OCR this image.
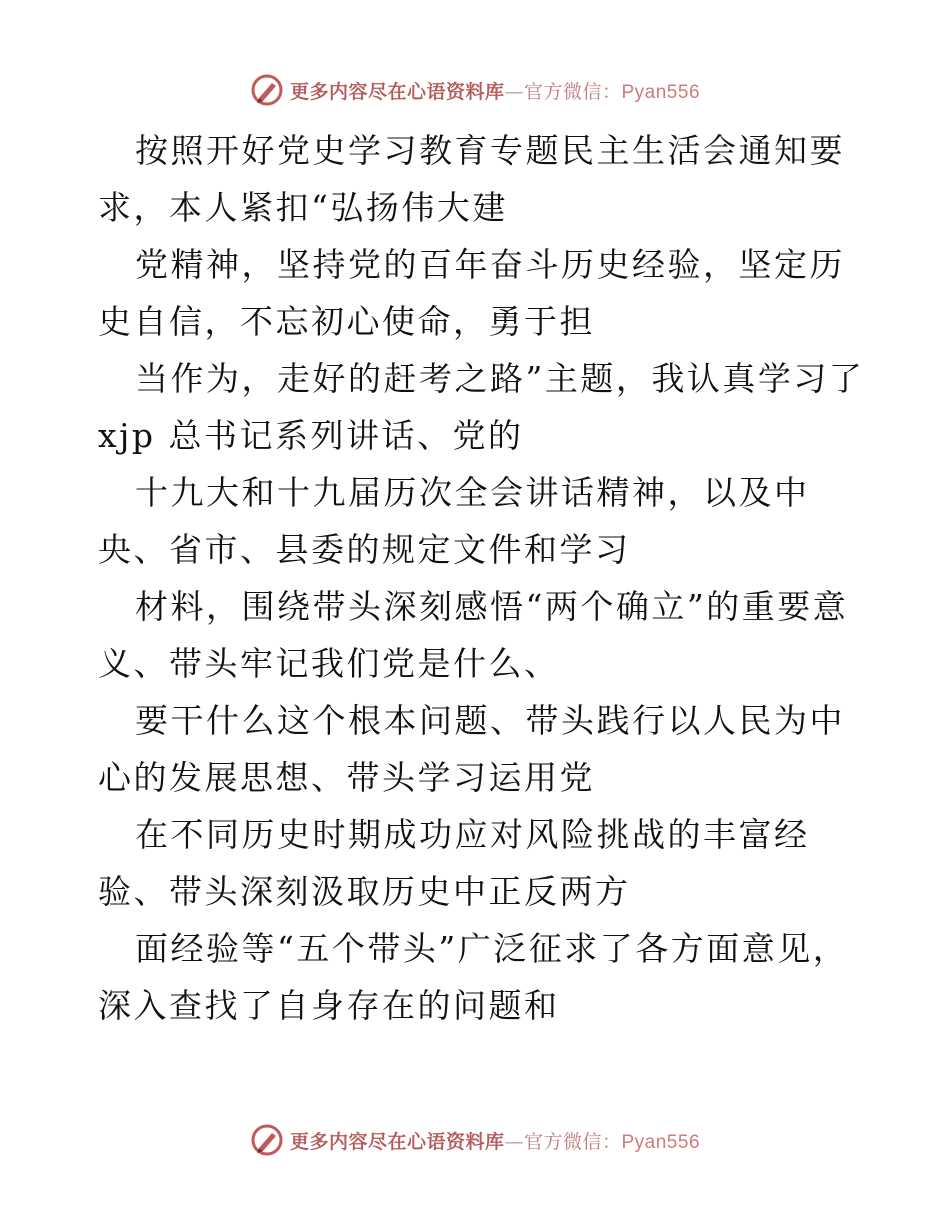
更多内容尽在心语资料库—官方微信：Pyan556

按照开好党史学习教育专题民主生活会通知要求，本人紧扣“弘扬伟大建

党精神，坚持党的百年奋斗历史经验，坚定历史自信，不忘初心使命，勇于担

当作为，走好的赶考之路”主题，我认真学习了xjp 总书记系列讲话、党的

十九大和十九届历次全会讲话精神，以及中央、省市、县委的规定文件和学习

材料，围绕带头深刻感悟“两个确立”的重要意义、带头牢记我们党是什么、

要干什么这个根本问题、带头践行以人民为中心的发展思想、带头学习运用党

在不同历史时期成功应对风险挑战的丰富经验、带头深刻汲取历史中正反两方

面经验等“五个带头”广泛征求了各方面意见，深入查找了自身存在的问题和

更多内容尽在心语资料库—官方微信：Pyan556
